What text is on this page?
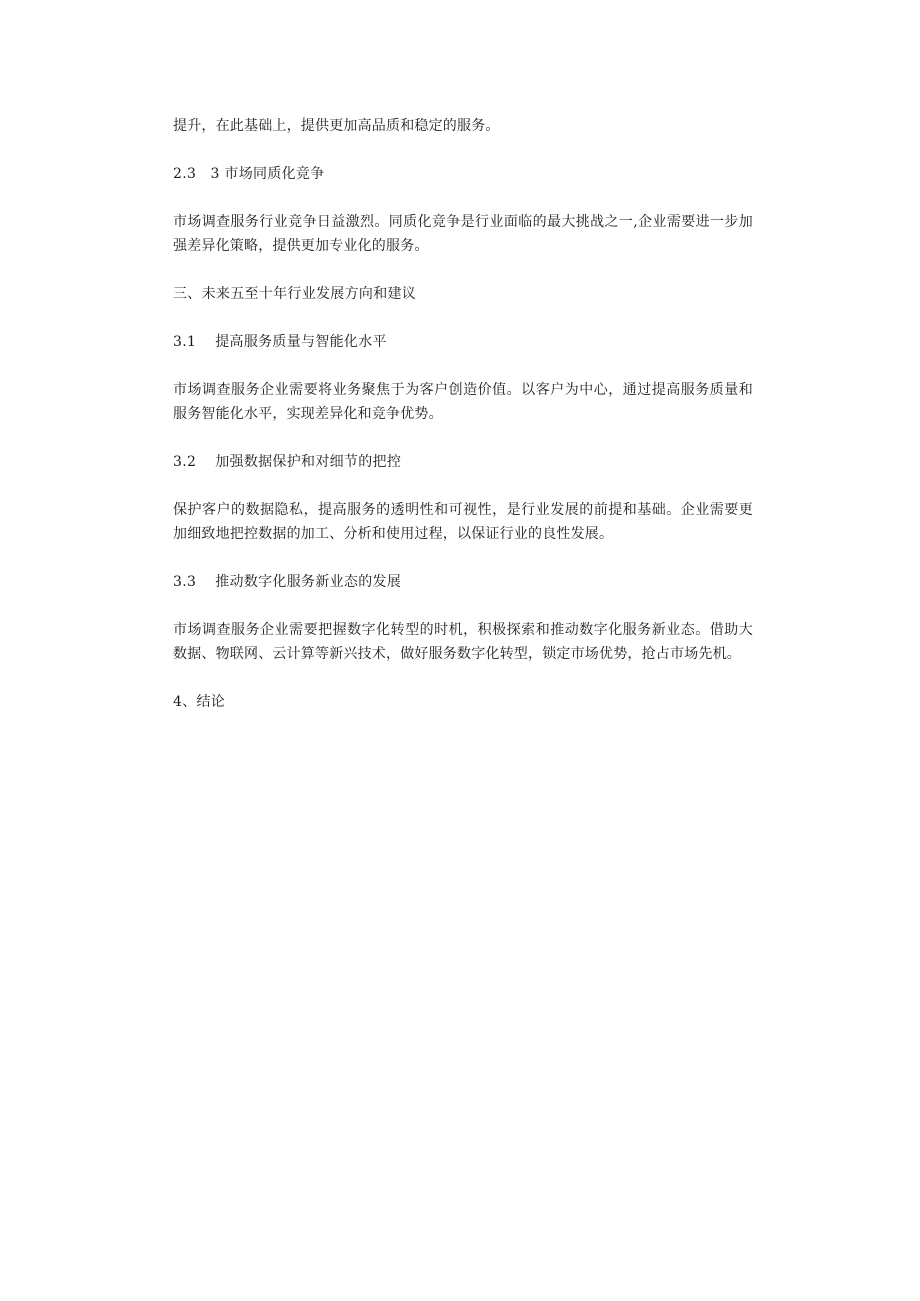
提升，在此基础上，提供更加高品质和稳定的服务。

2.3　3 市场同质化竞争

市场调查服务行业竞争日益激烈。同质化竞争是行业面临的最大挑战之一,企业需要进一步加强差异化策略，提供更加专业化的服务。

三、未来五至十年行业发展方向和建议

3.1　 提高服务质量与智能化水平

市场调查服务企业需要将业务聚焦于为客户创造价值。以客户为中心，通过提高服务质量和服务智能化水平，实现差异化和竞争优势。

3.2　 加强数据保护和对细节的把控

保护客户的数据隐私，提高服务的透明性和可视性，是行业发展的前提和基础。企业需要更加细致地把控数据的加工、分析和使用过程，以保证行业的良性发展。

3.3　 推动数字化服务新业态的发展

市场调查服务企业需要把握数字化转型的时机，积极探索和推动数字化服务新业态。借助大数据、物联网、云计算等新兴技术，做好服务数字化转型，锁定市场优势，抢占市场先机。

4、结论
